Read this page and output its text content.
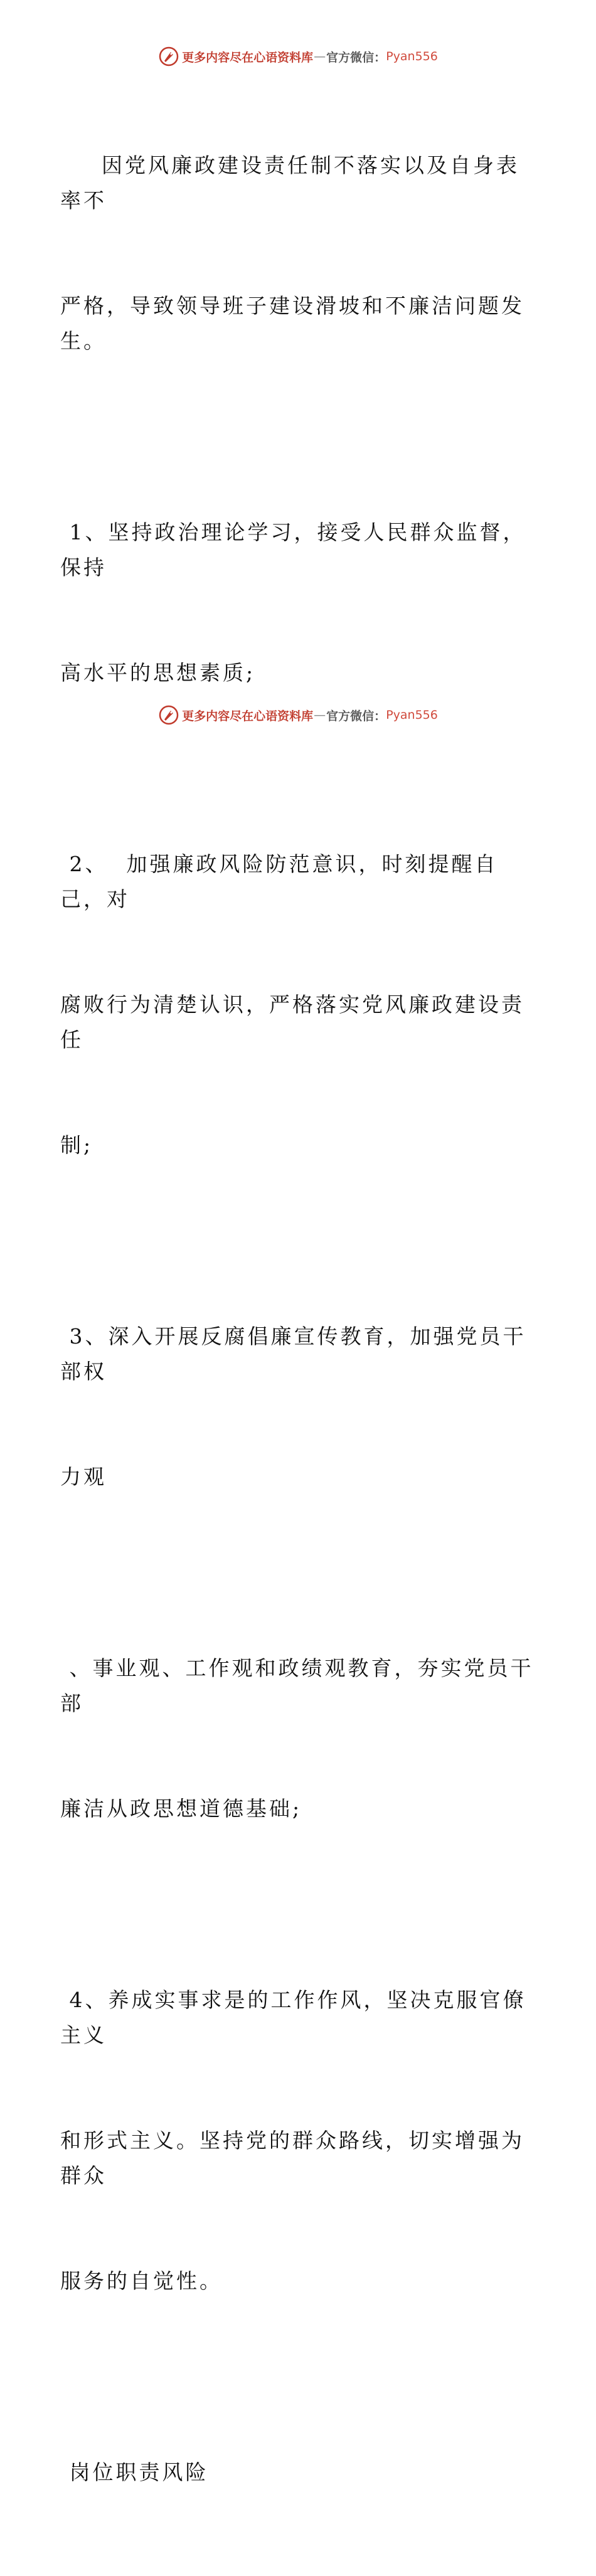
更多内容尽在心语资料库 — 官方微信： Pyan556

因党风廉政建设责任制不落实以及自身表率不

严格，导致领导班子建设滑坡和不廉洁问题发生。

1、坚持政治理论学习，接受人民群众监督，保持

高水平的思想素质;

2、  加强廉政风险防范意识，时刻提醒自己，对

腐败行为清楚认识，严格落实党风廉政建设责任

制;

3、深入开展反腐倡廉宣传教育，加强党员干部权

力观

、事业观、工作观和政绩观教育，夯实党员干部

廉洁从政思想道德基础;

4、养成实事求是的工作作风，坚决克服官僚主义

和形式主义。坚持党的群众路线，切实增强为群众

服务的自觉性。

岗位职责风险

更多内容尽在心语资料库 — 官方微信： Pyan556
